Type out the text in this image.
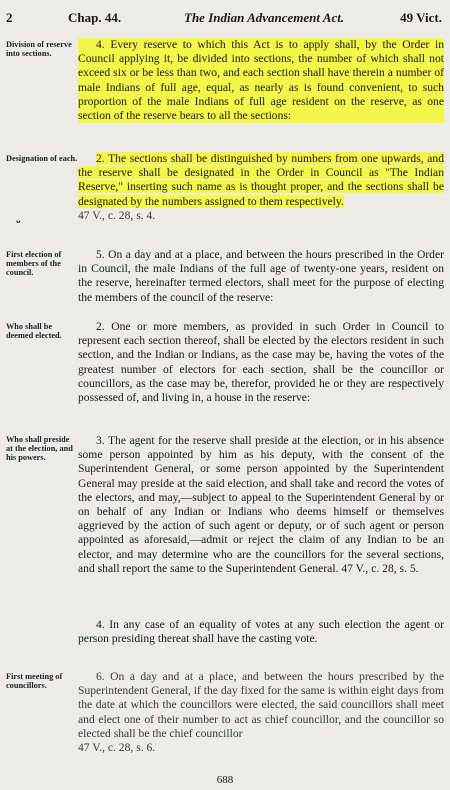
2	Chap. 44.	The Indian Advancement Act.	49 Vict.
Division of reserve into sections.
Designation of each.
ᴗ
First election of members of the council.
Who shall be deemed elected.
Who shall preside at the election, and his powers.
First meeting of councillors.
4. Every reserve to which this Act is to apply shall, by the Order in Council applying it, be divided into sections, the number of which shall not exceed six or be less than two, and each section shall have therein a number of male Indians of full age, equal, as nearly as is found convenient, to such proportion of the male Indians of full age resident on the reserve, as one section of the reserve bears to all the sections:
2. The sections shall be distinguished by numbers from one upwards, and the reserve shall be designated in the Order in Council as "The Indian Reserve," inserting such name as is thought proper, and the sections shall be designated by the numbers assigned to them respectively.
47 V., c. 28, s. 4.
5. On a day and at a place, and between the hours prescribed in the Order in Council, the male Indians of the full age of twenty-one years, resident on the reserve, hereinafter termed electors, shall meet for the purpose of electing the members of the council of the reserve:
2. One or more members, as provided in such Order in Council to represent each section thereof, shall be elected by the electors resident in such section, and the Indian or Indians, as the case may be, having the votes of the greatest number of electors for each section, shall be the councillor or councillors, as the case may be, therefor, provided he or they are respectively possessed of, and living in, a house in the reserve:
3. The agent for the reserve shall preside at the election, or in his absence some person appointed by him as his deputy, with the consent of the Superintendent General, or some person appointed by the Superintendent General may preside at the said election, and shall take and record the votes of the electors, and may,—subject to appeal to the Superintendent General by or on behalf of any Indian or Indians who deems himself or themselves aggrieved by the action of such agent or deputy, or of such agent or person appointed as aforesaid,—admit or reject the claim of any Indian to be an elector, and may determine who are the councillors for the several sections, and shall report the same to the Superintendent General. 47 V., c. 28, s. 5.
4. In any case of an equality of votes at any such election the agent or person presiding thereat shall have the casting vote.
6. On a day and at a place, and between the hours prescribed by the Superintendent General, if the day fixed for the same is within eight days from the date at which the councillors were elected, the said councillors shall meet and elect one of their number to act as chief councillor, and the councillor so elected shall be the chief councillor
47 V., c. 28, s. 6.
688
